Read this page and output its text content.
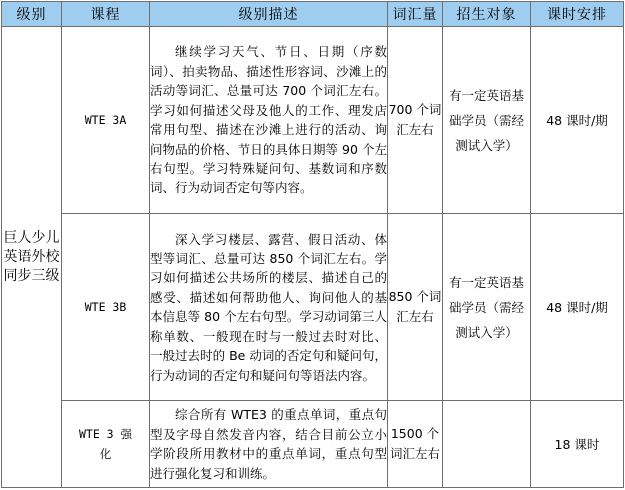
级别	课程	级别描述	词汇量	招生对象	课时安排
巨人少儿英语外校同步三级	WTE 3A	继续学习天气、节日、日期（序数词）、拍卖物品、描述性形容词、沙滩上的活动等词汇、总量可达 700 个词汇左右。学习如何描述父母及他人的工作、理发店常用句型、描述在沙滩上进行的活动、询问物品的价格、节日的具体日期等 90 个左右句型。学习特殊疑问句、基数词和序数词、行为动词否定句等内容。	700 个词汇左右	有一定英语基础学员（需经测试入学）	48 课时/期
	WTE 3B	深入学习楼层、露营、假日活动、体型等词汇、总量可达 850 个词汇左右。学习如何描述公共场所的楼层、描述自己的感受、描述如何帮助他人、询问他人的基本信息等 80 个左右句型。学习动词第三人称单数、一般现在时与一般过去时对比、一般过去时的 Be 动词的否定句和疑问句，行为动词的否定句和疑问句等语法内容。	850 个词汇左右	有一定英语基础学员（需经测试入学）	48 课时/期
	WTE 3 强化	综合所有 WTE3 的重点单词，重点句型及字母自然发音内容，结合目前公立小学阶段所用教材中的重点单词，重点句型进行强化复习和训练。	1500 个词汇左右		18 课时
